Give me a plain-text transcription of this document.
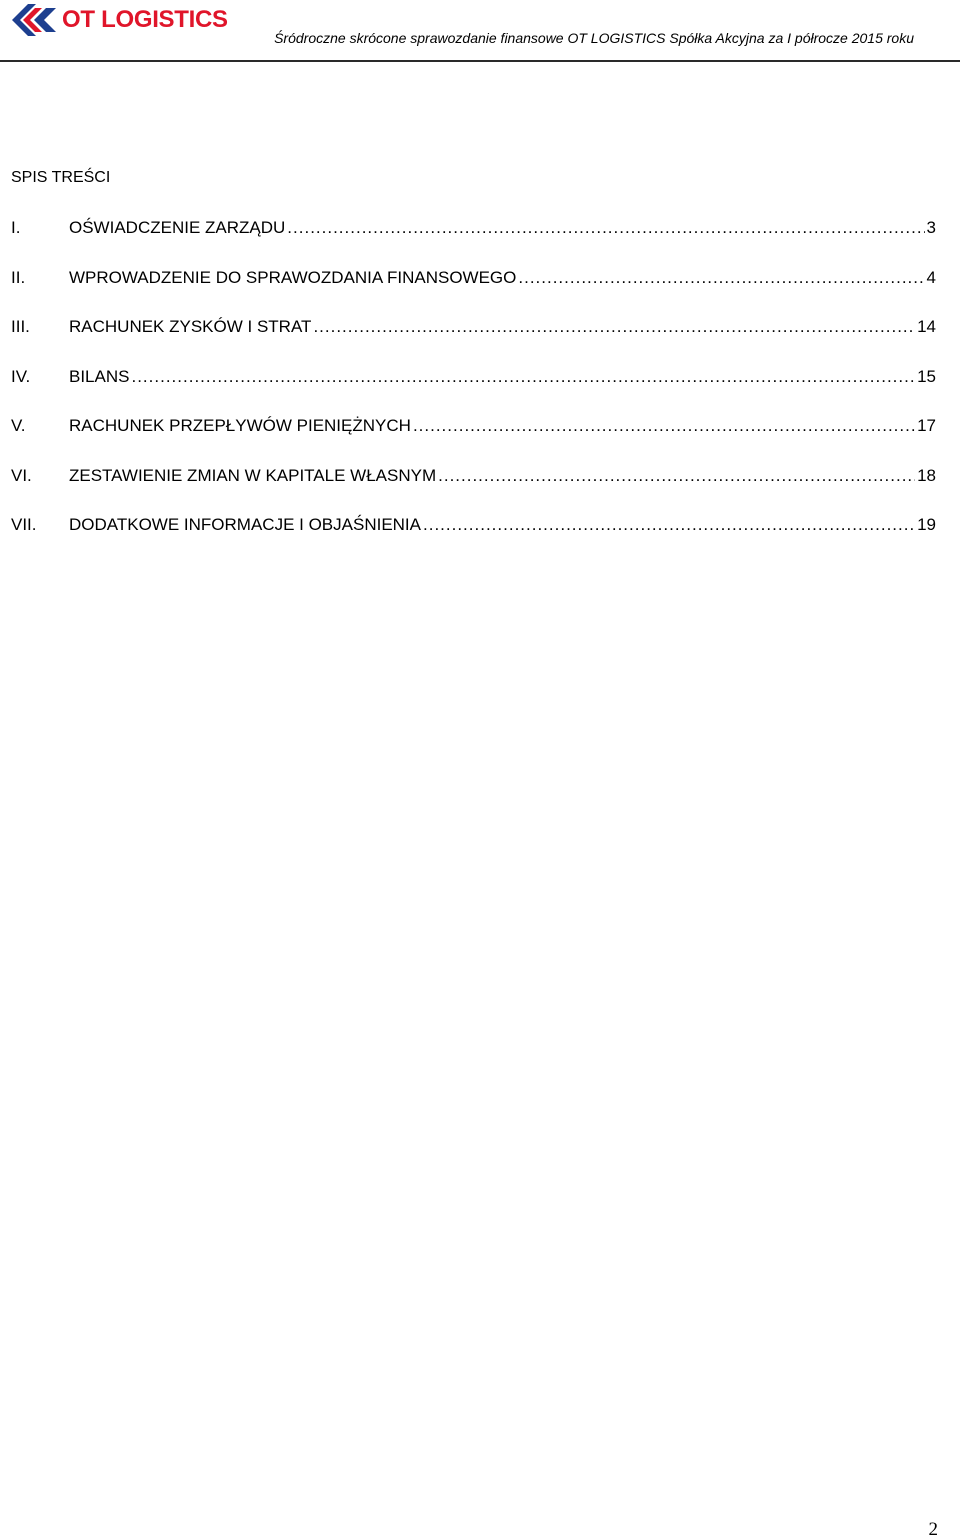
OT LOGISTICS
Śródroczne skrócone sprawozdanie finansowe OT LOGISTICS Spółka Akcyjna za I półrocze 2015 roku
SPIS TREŚCI
I.	OŚWIADCZENIE ZARZĄDU .....	3
II.	WPROWADZENIE DO SPRAWOZDANIA FINANSOWEGO .....	4
III.	RACHUNEK ZYSKÓW I STRAT .....	14
IV.	BILANS .....	15
V.	RACHUNEK PRZEPŁYWÓW PIENIĘŻNYCH .....	17
VI.	ZESTAWIENIE ZMIAN W KAPITALE WŁASNYM .....	18
VII.	DODATKOWE INFORMACJE I OBJAŚNIENIA .....	19
2
